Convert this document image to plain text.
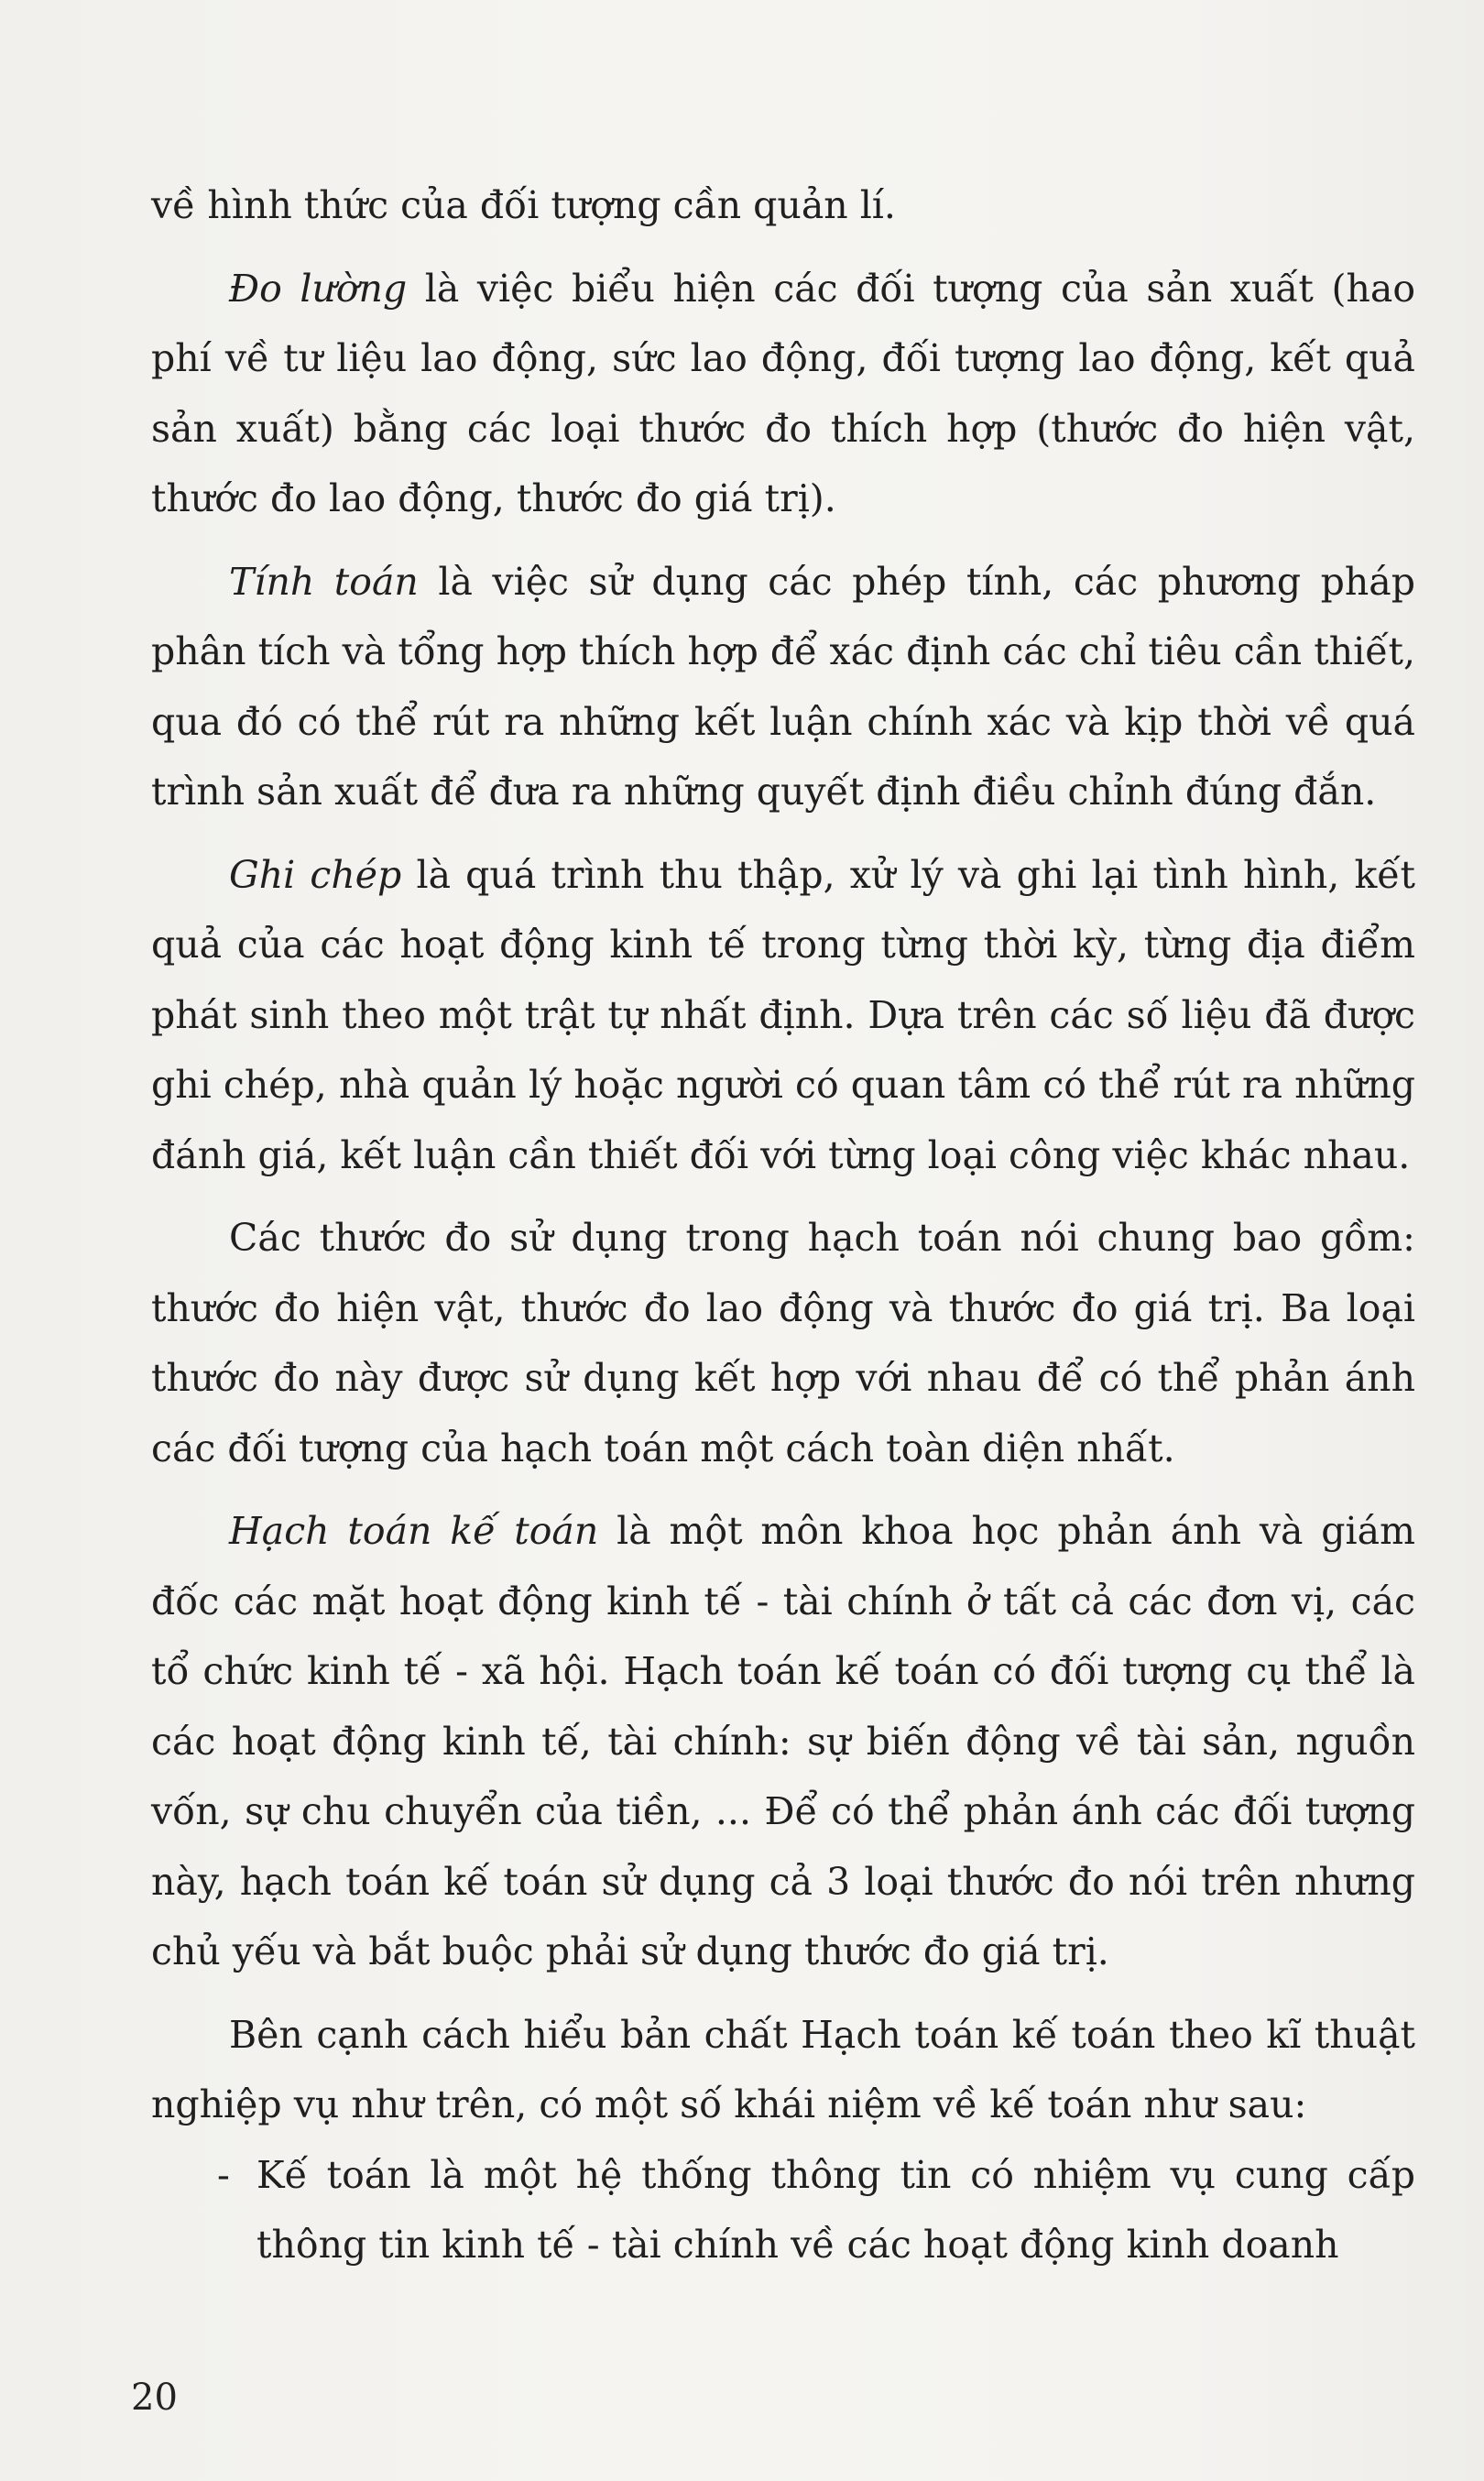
về hình thức của đối tượng cần quản lí.

Đo lường là việc biểu hiện các đối tượng của sản xuất (hao phí về tư liệu lao động, sức lao động, đối tượng lao động, kết quả sản xuất) bằng các loại thước đo thích hợp (thước đo hiện vật, thước đo lao động, thước đo giá trị).

Tính toán là việc sử dụng các phép tính, các phương pháp phân tích và tổng hợp thích hợp để xác định các chỉ tiêu cần thiết, qua đó có thể rút ra những kết luận chính xác và kịp thời về quá trình sản xuất để đưa ra những quyết định điều chỉnh đúng đắn.

Ghi chép là quá trình thu thập, xử lý và ghi lại tình hình, kết quả của các hoạt động kinh tế trong từng thời kỳ, từng địa điểm phát sinh theo một trật tự nhất định. Dựa trên các số liệu đã được ghi chép, nhà quản lý hoặc người có quan tâm có thể rút ra những đánh giá, kết luận cần thiết đối với từng loại công việc khác nhau.

Các thước đo sử dụng trong hạch toán nói chung bao gồm: thước đo hiện vật, thước đo lao động và thước đo giá trị. Ba loại thước đo này được sử dụng kết hợp với nhau để có thể phản ánh các đối tượng của hạch toán một cách toàn diện nhất.

Hạch toán kế toán là một môn khoa học phản ánh và giám đốc các mặt hoạt động kinh tế - tài chính ở tất cả các đơn vị, các tổ chức kinh tế - xã hội. Hạch toán kế toán có đối tượng cụ thể là các hoạt động kinh tế, tài chính: sự biến động về tài sản, nguồn vốn, sự chu chuyển của tiền, ... Để có thể phản ánh các đối tượng này, hạch toán kế toán sử dụng cả 3 loại thước đo nói trên nhưng chủ yếu và bắt buộc phải sử dụng thước đo giá trị.

Bên cạnh cách hiểu bản chất Hạch toán kế toán theo kĩ thuật nghiệp vụ như trên, có một số khái niệm về kế toán như sau:

- Kế toán là một hệ thống thông tin có nhiệm vụ cung cấp thông tin kinh tế - tài chính về các hoạt động kinh doanh

20
